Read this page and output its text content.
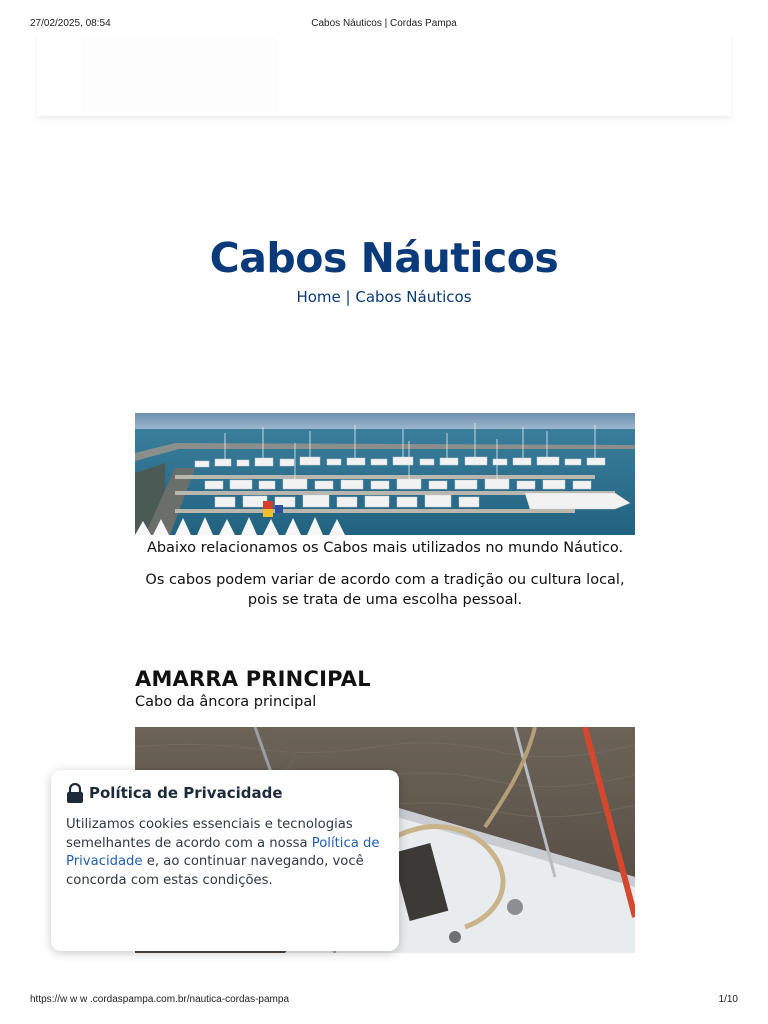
27/02/2025, 08:54	Cabos Náuticos | Cordas Pampa
Cabos Náuticos
Home | Cabos Náuticos

Abaixo relacionamos os Cabos mais utilizados no mundo Náutico.

Os cabos podem variar de acordo com a tradição ou cultura local, pois se trata de uma escolha pessoal.

AMARRA PRINCIPAL
Cabo da âncora principal
Política de Privacidade
Utilizamos cookies essenciais e tecnologias semelhantes de acordo com a nossa Política de Privacidade e, ao continuar navegando, você concorda com estas condições.
https://w w w .cordaspampa.com.br/nautica-cordas-pampa	1/10
